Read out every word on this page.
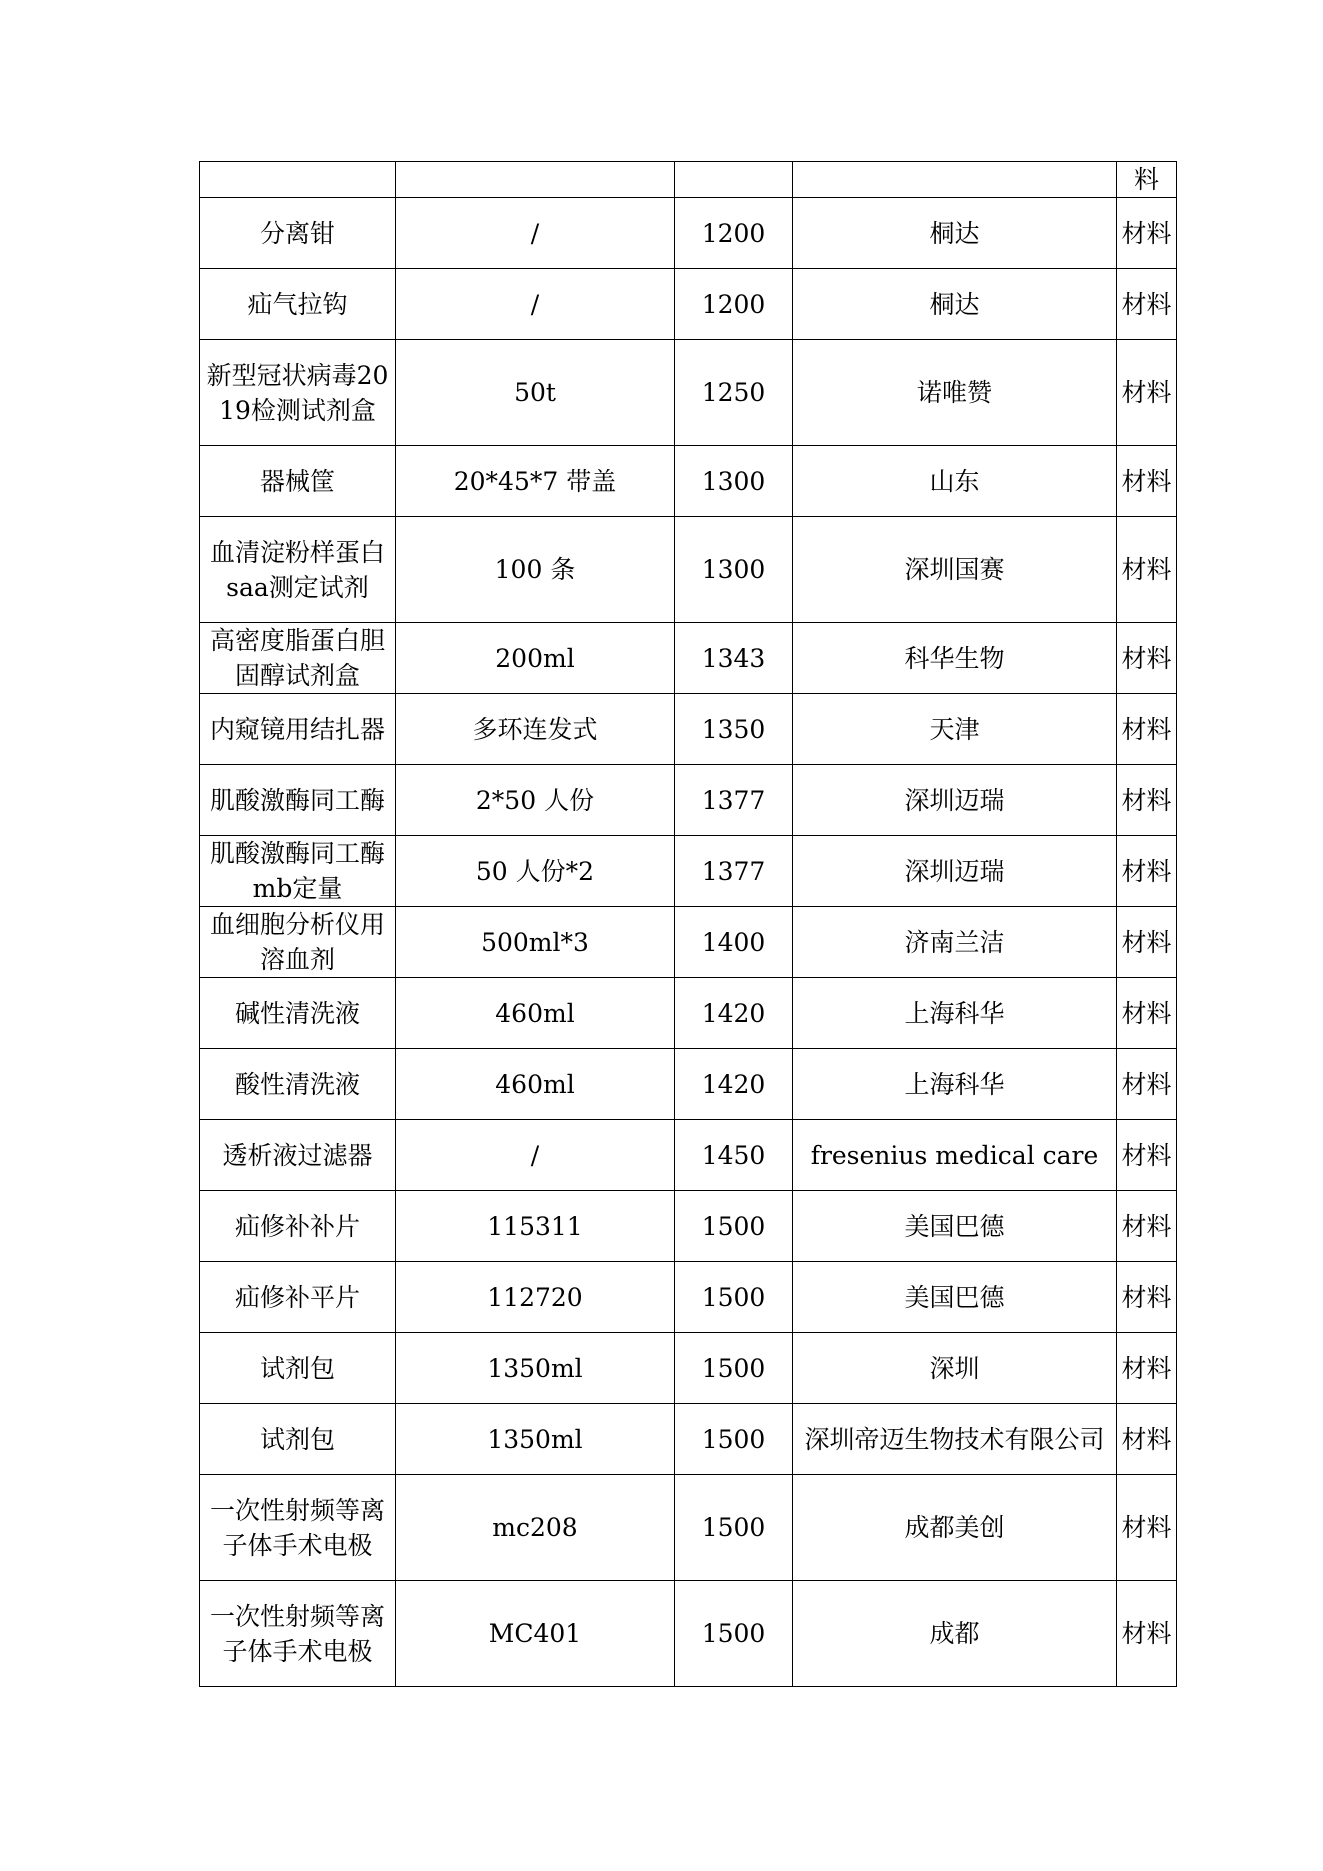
				料
分离钳	/	1200	桐达	材料
疝气拉钩	/	1200	桐达	材料
新型冠状病毒2019检测试剂盒	50t	1250	诺唯赞	材料
器械筐	20*45*7 带盖	1300	山东	材料
血清淀粉样蛋白saa测定试剂	100 条	1300	深圳国赛	材料
高密度脂蛋白胆固醇试剂盒	200ml	1343	科华生物	材料
内窥镜用结扎器	多环连发式	1350	天津	材料
肌酸激酶同工酶	2*50 人份	1377	深圳迈瑞	材料
肌酸激酶同工酶mb定量	50 人份*2	1377	深圳迈瑞	材料
血细胞分析仪用溶血剂	500ml*3	1400	济南兰洁	材料
碱性清洗液	460ml	1420	上海科华	材料
酸性清洗液	460ml	1420	上海科华	材料
透析液过滤器	/	1450	fresenius medical care	材料
疝修补补片	115311	1500	美国巴德	材料
疝修补平片	112720	1500	美国巴德	材料
试剂包	1350ml	1500	深圳	材料
试剂包	1350ml	1500	深圳帝迈生物技术有限公司	材料
一次性射频等离子体手术电极	mc208	1500	成都美创	材料
一次性射频等离子体手术电极	MC401	1500	成都	材料
